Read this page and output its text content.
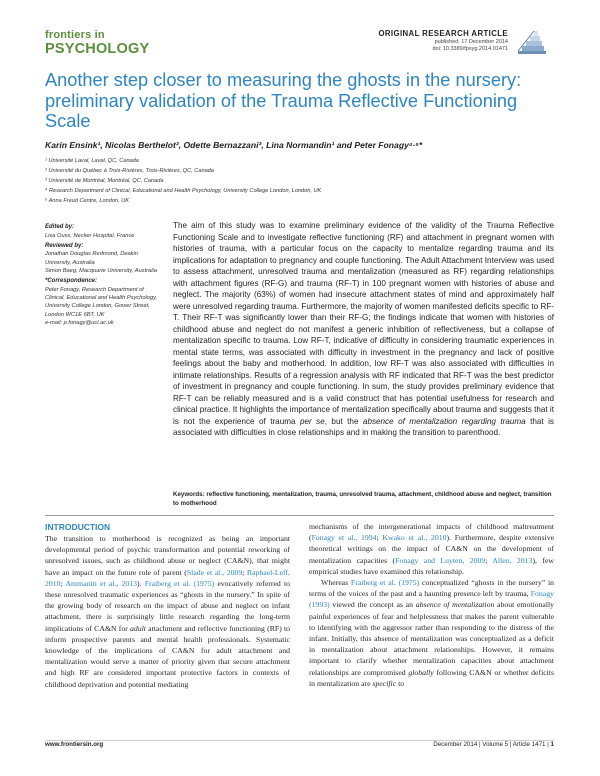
frontiers in
PSYCHOLOGY
ORIGINAL RESEARCH ARTICLE
published: 17 December 2014
doi: 10.3389/fpsyg.2014.01471
Another step closer to measuring the ghosts in the nursery: preliminary validation of the Trauma Reflective Functioning Scale
Karin Ensink¹, Nicolas Berthelot², Odette Bernazzani³, Lina Normandin¹ and Peter Fonagy⁴·⁵*
¹ Université Laval, Laval, QC, Canada
² Université du Québec à Trois-Rivières, Trois-Rivières, QC, Canada
³ Université de Montréal, Montréal, QC, Canada
⁴ Research Department of Clinical, Educational and Health Psychology, University College London, London, UK
⁵ Anna Freud Centre, London, UK
Edited by:
Lisa Ouss, Necker Hospital, France
Reviewed by:
Jonathan Douglas Redmond, Deakin University, Australia
Simon Baeg, Macquarie University, Australia
*Correspondence:
Peter Fonagy, Research Department of Clinical, Educational and Health Psychology, University College London, Gower Street, London WC1E 6BT, UK
e-mail: p.fonagy@ucl.ac.uk

The aim of this study was to examine preliminary evidence of the validity of the Trauma Reflective Functioning Scale and to investigate reflective functioning (RF) and attachment in pregnant women with histories of trauma, with a particular focus on the capacity to mentalize regarding trauma and its implications for adaptation to pregnancy and couple functioning. The Adult Attachment Interview was used to assess attachment, unresolved trauma and mentalization (measured as RF) regarding relationships with attachment figures (RF-G) and trauma (RF-T) in 100 pregnant women with histories of abuse and neglect. The majority (63%) of women had insecure attachment states of mind and approximately half were unresolved regarding trauma. Furthermore, the majority of women manifested deficits specific to RF-T. Their RF-T was significantly lower than their RF-G; the findings indicate that women with histories of childhood abuse and neglect do not manifest a generic inhibition of reflectiveness, but a collapse of mentalization specific to trauma. Low RF-T, indicative of difficulty in considering traumatic experiences in mental state terms, was associated with difficulty in investment in the pregnancy and lack of positive feelings about the baby and motherhood. In addition, low RF-T was also associated with difficulties in intimate relationships. Results of a regression analysis with RF indicated that RF-T was the best predictor of investment in pregnancy and couple functioning. In sum, the study provides preliminary evidence that RF-T can be reliably measured and is a valid construct that has potential usefulness for research and clinical practice. It highlights the importance of mentalization specifically about trauma and suggests that it is not the experience of trauma per se, but the absence of mentalization regarding trauma that is associated with difficulties in close relationships and in making the transition to parenthood.

Keywords: reflective functioning, mentalization, trauma, unresolved trauma, attachment, childhood abuse and neglect, transition to motherhood
INTRODUCTION

The transition to motherhood is recognized as being an important developmental period of psychic transformation and potential reworking of unresolved issues, such as childhood abuse or neglect (CA&N), that might have an impact on the future role of parent (Slade et al., 2009; Raphael-Leff, 2010; Ammaniti et al., 2013). Fraiberg et al. (1975) evocatively referred to these unresolved traumatic experiences as “ghosts in the nursery.” In spite of the growing body of research on the impact of abuse and neglect on infant attachment, there is surprisingly little research regarding the long-term implications of CA&N for adult attachment and reflective functioning (RF) to inform prospective parents and mental health professionals. Systematic knowledge of the implications of CA&N for adult attachment and mentalization would serve a matter of priority given that secure attachment and high RF are considered important protective factors in contexts of childhood deprivation and potential mediating

mechanisms of the intergenerational impacts of childhood maltreatment (Fonagy et al., 1994; Kwako et al., 2010). Furthermore, despite extensive theoretical writings on the impact of CA&N on the development of mentalization capacities (Fonagy and Luyten, 2009; Allen, 2013), few empirical studies have examined this relationship.

Whereas Fraiberg et al. (1975) conceptualized “ghosts in the nursery” in terms of the voices of the past and a haunting presence left by trauma, Fonagy (1993) viewed the concept as an absence of mentalization about emotionally painful experiences of fear and helplessness that makes the parent vulnerable to identifying with the aggressor rather than responding to the distress of the infant. Initially, this absence of mentalization was conceptualized as a deficit in mentalization about attachment relationships. However, it remains important to clarify whether mentalization capacities about attachment relationships are compromised globally following CA&N or whether deficits in mentalization are specific to

www.frontiersin.org	December 2014 | Volume 5 | Article 1471 | 1
